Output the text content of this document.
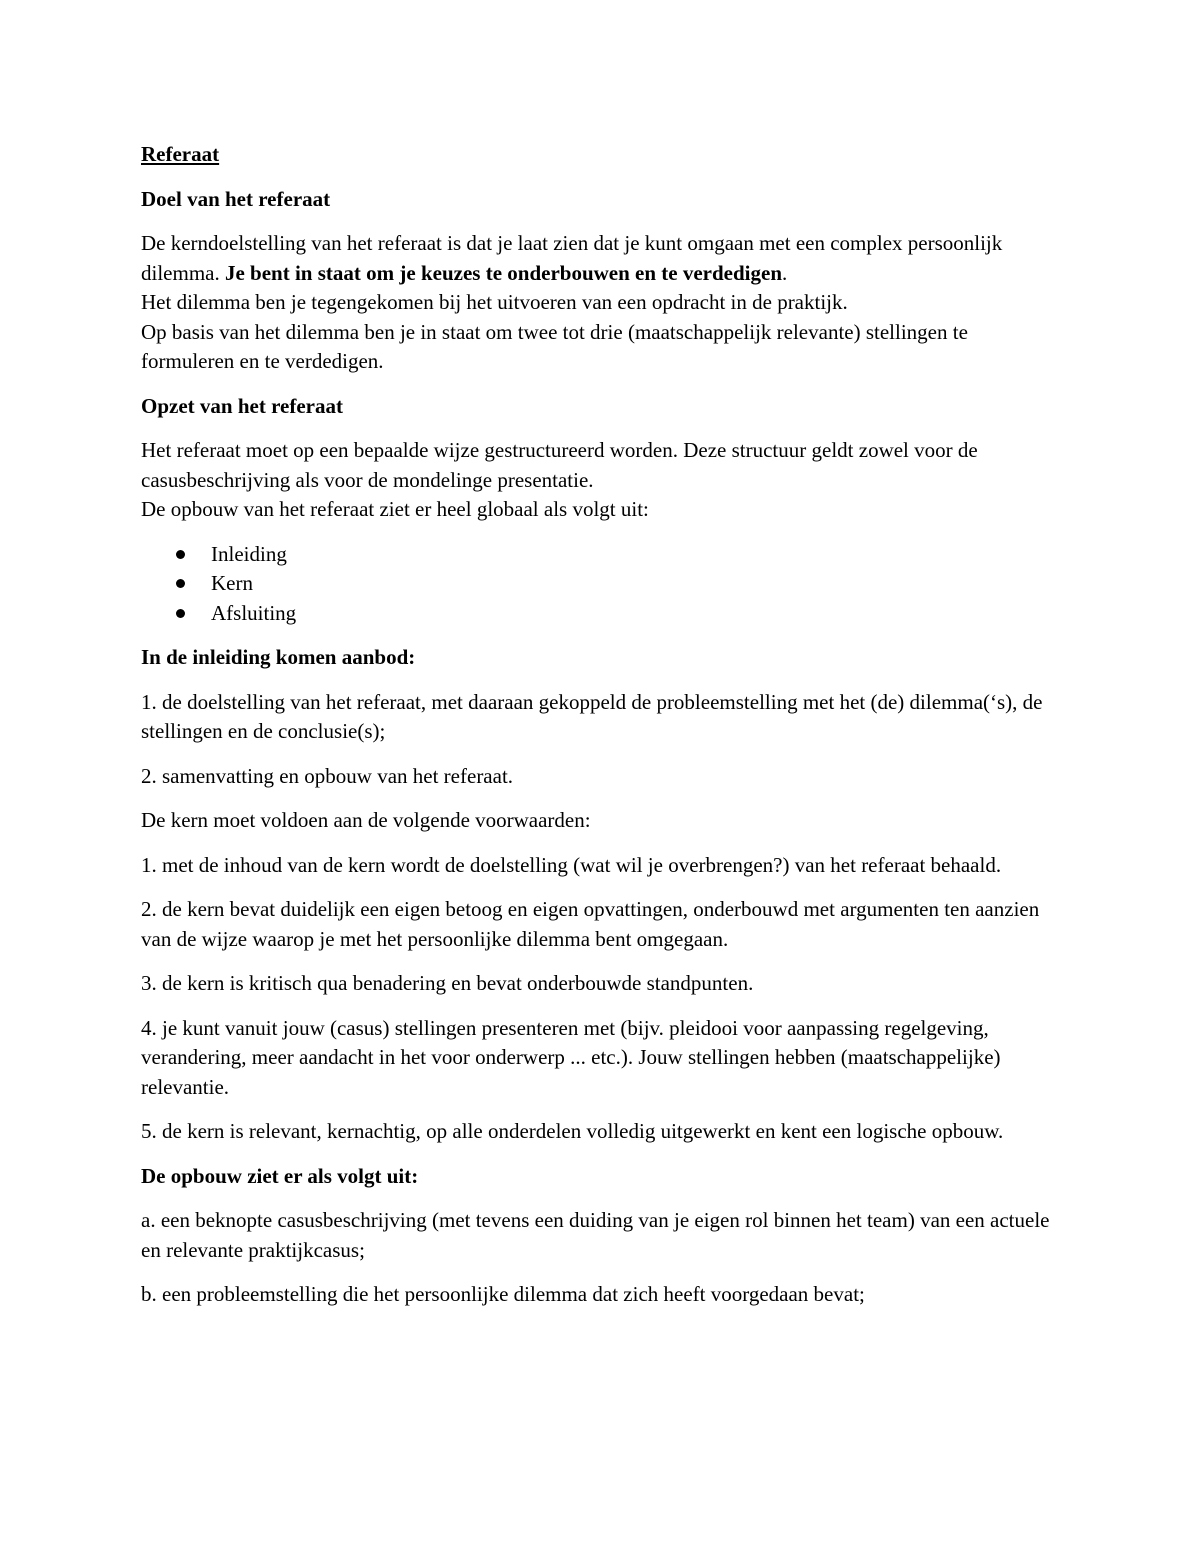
Referaat

Doel van het referaat

De kerndoelstelling van het referaat is dat je laat zien dat je kunt omgaan met een complex persoonlijk dilemma. Je bent in staat om je keuzes te onderbouwen en te verdedigen.

Het dilemma ben je tegengekomen bij het uitvoeren van een opdracht in de praktijk.

Op basis van het dilemma ben je in staat om twee tot drie (maatschappelijk relevante) stellingen te formuleren en te verdedigen.

Opzet van het referaat

Het referaat moet op een bepaalde wijze gestructureerd worden. Deze structuur geldt zowel voor de casusbeschrijving als voor de mondelinge presentatie.

De opbouw van het referaat ziet er heel globaal als volgt uit:

Inleiding
Kern
Afsluiting

In de inleiding komen aanbod:

1. de doelstelling van het referaat, met daaraan gekoppeld de probleemstelling met het (de) dilemma(‘s), de stellingen en de conclusie(s);

2. samenvatting en opbouw van het referaat.

De kern moet voldoen aan de volgende voorwaarden:

1. met de inhoud van de kern wordt de doelstelling (wat wil je overbrengen?) van het referaat behaald.

2. de kern bevat duidelijk een eigen betoog en eigen opvattingen, onderbouwd met argumenten ten aanzien van de wijze waarop je met het persoonlijke dilemma bent omgegaan.

3. de kern is kritisch qua benadering en bevat onderbouwde standpunten.

4. je kunt vanuit jouw (casus) stellingen presenteren met (bijv. pleidooi voor aanpassing regelgeving, verandering, meer aandacht in het voor onderwerp ... etc.). Jouw stellingen hebben (maatschappelijke) relevantie.

5. de kern is relevant, kernachtig, op alle onderdelen volledig uitgewerkt en kent een logische opbouw.

De opbouw ziet er als volgt uit:

a. een beknopte casusbeschrijving (met tevens een duiding van je eigen rol binnen het team) van een actuele en relevante praktijkcasus;

b. een probleemstelling die het persoonlijke dilemma dat zich heeft voorgedaan bevat;
